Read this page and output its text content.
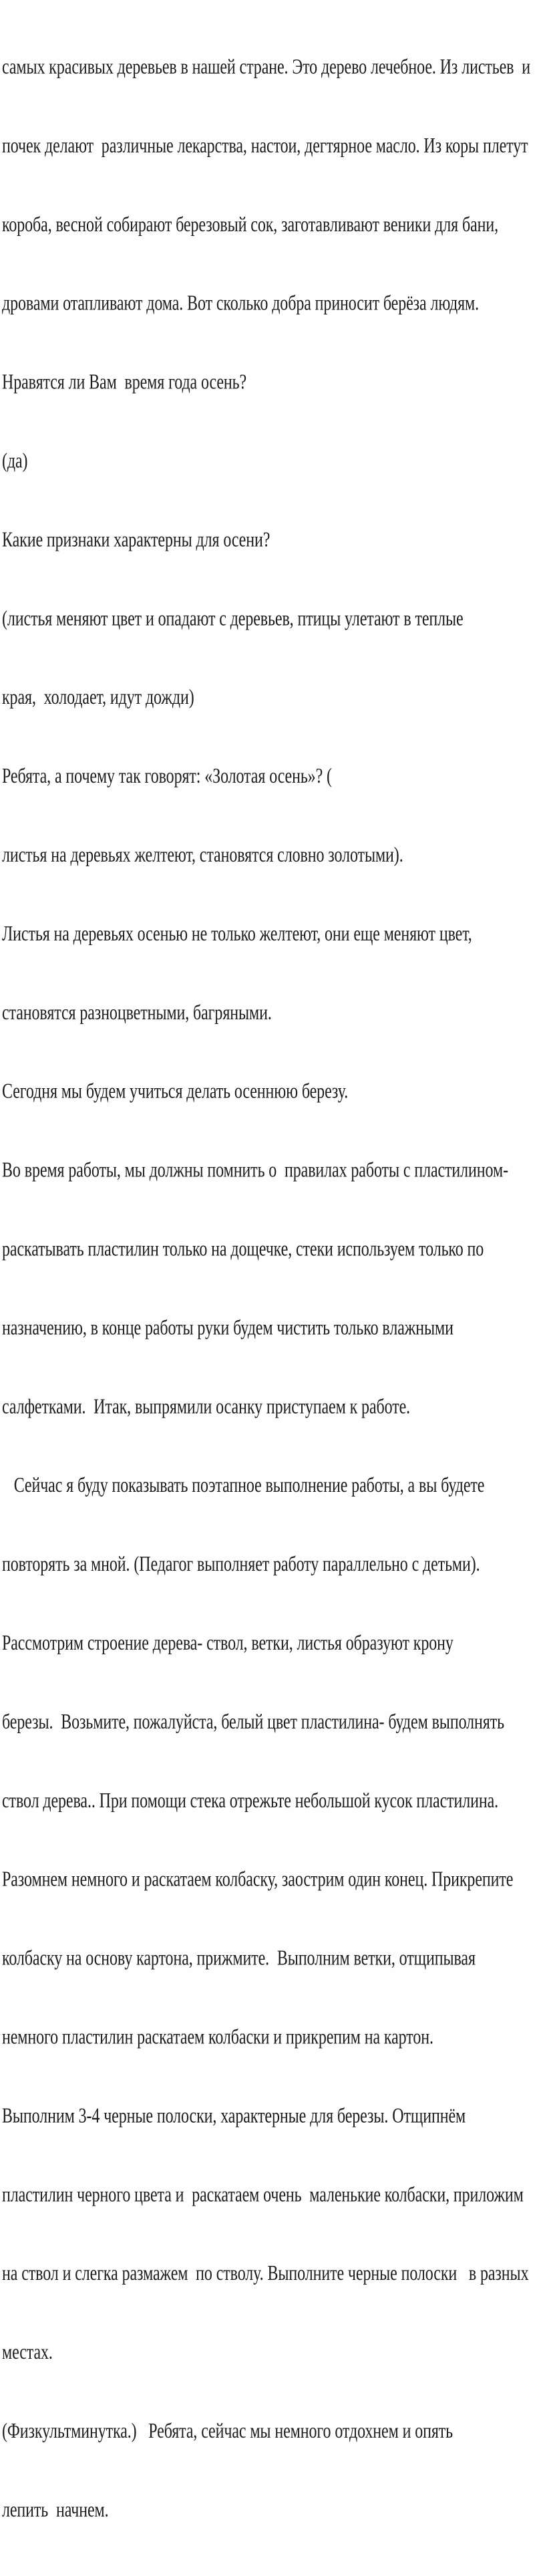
самых красивых деревьев в нашей стране. Это дерево лечебное. Из листьев  и

почек делают  различные лекарства, настои, дегтярное масло. Из коры плетут

короба, весной собирают березовый сок, заготавливают веники для бани,

дровами отапливают дома. Вот сколько добра приносит берёза людям.

Нравятся ли Вам  время года осень?

(да)

Какие признаки характерны для осени?

(листья меняют цвет и опадают с деревьев, птицы улетают в теплые

края,  холодает, идут дожди)

Ребята, а почему так говорят: «Золотая осень»? (

листья на деревьях желтеют, становятся словно золотыми).

Листья на деревьях осенью не только желтеют, они еще меняют цвет,

становятся разноцветными, багряными.

Сегодня мы будем учиться делать осеннюю березу.

Во время работы, мы должны помнить о  правилах работы с пластилином-

раскатывать пластилин только на дощечке, стеки используем только по

назначению, в конце работы руки будем чистить только влажными

салфетками.  Итак, выпрямили осанку приступаем к работе.

Сейчас я буду показывать поэтапное выполнение работы, а вы будете

повторять за мной. (Педагог выполняет работу параллельно с детьми).

Рассмотрим строение дерева- ствол, ветки, листья образуют крону

березы.  Возьмите, пожалуйста, белый цвет пластилина- будем выполнять

ствол дерева.. При помощи стека отрежьте небольшой кусок пластилина.

Разомнем немного и раскатаем колбаску, заострим один конец. Прикрепите

колбаску на основу картона, прижмите.  Выполним ветки, отщипывая

немного пластилин раскатаем колбаски и прикрепим на картон.

Выполним 3-4 черные полоски, характерные для березы. Отщипнём

пластилин черного цвета и  раскатаем очень  маленькие колбаски, приложим

на ствол и слегка размажем  по стволу. Выполните черные полоски   в разных

местах.

(Физкультминутка.)   Ребята, сейчас мы немного отдохнем и опять

лепить  начнем.
